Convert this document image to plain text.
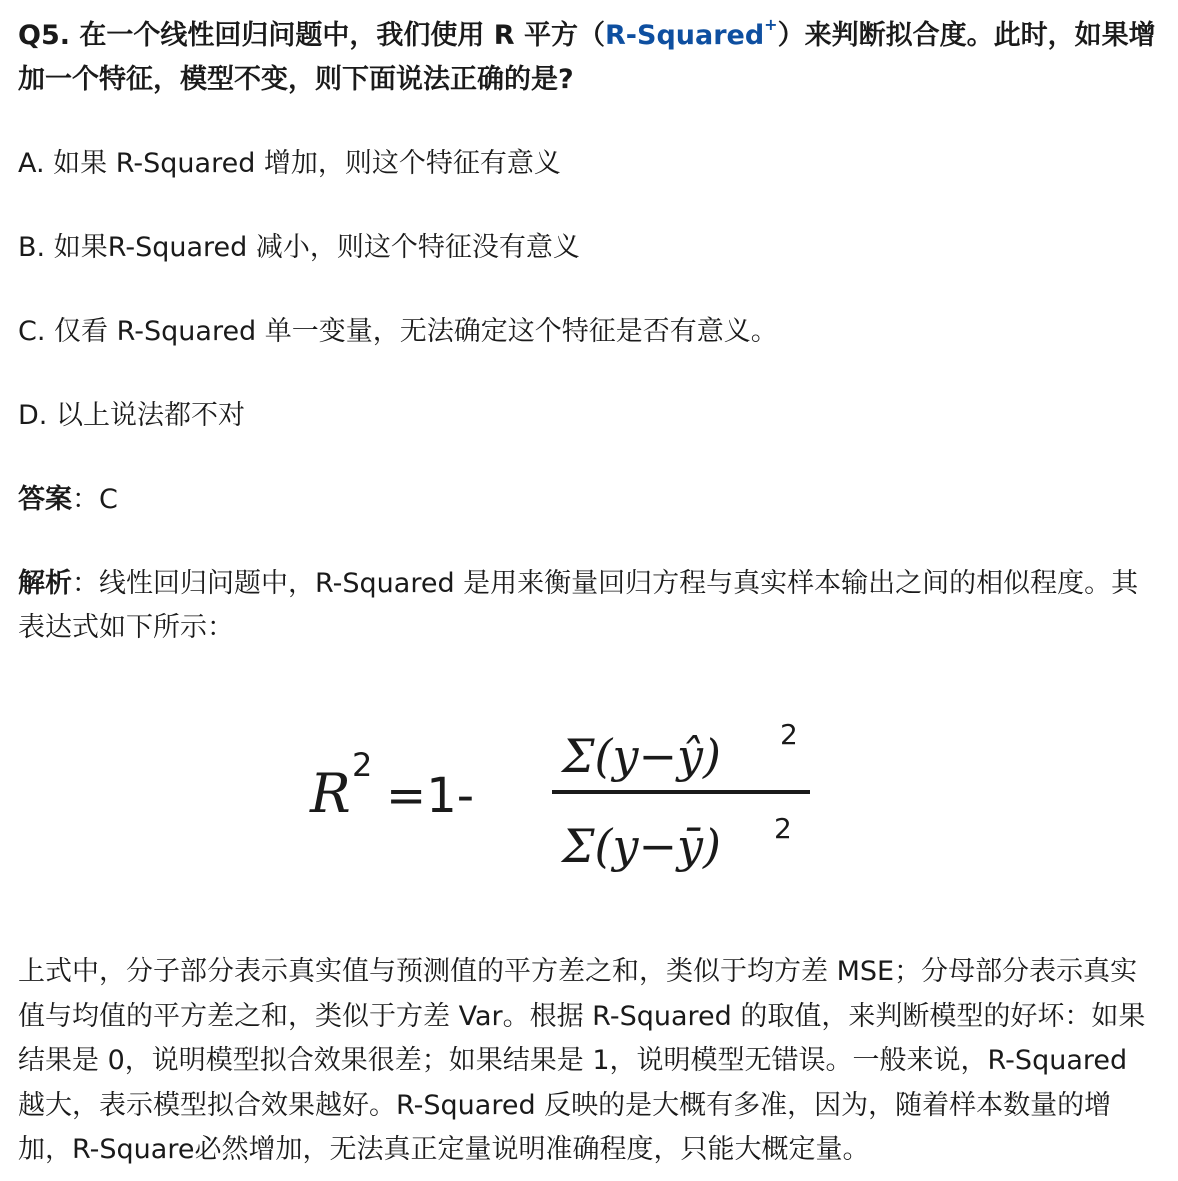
Q5. 在一个线性回归问题中，我们使用 R 平方（R-Squared+）来判断拟合度。此时，如果增加一个特征，模型不变，则下面说法正确的是?

A. 如果 R-Squared 增加，则这个特征有意义

B. 如果R-Squared 减小，则这个特征没有意义

C. 仅看 R-Squared 单一变量，无法确定这个特征是否有意义。

D. 以上说法都不对

答案：C

解析：线性回归问题中，R-Squared 是用来衡量回归方程与真实样本输出之间的相似程度。其表达式如下所示：

R 2
=1-
Σ(y−ŷ) 2
Σ(y−ȳ) 2

上式中，分子部分表示真实值与预测值的平方差之和，类似于均方差 MSE；分母部分表示真实值与均值的平方差之和，类似于方差 Var。根据 R-Squared 的取值，来判断模型的好坏：如果结果是 0，说明模型拟合效果很差；如果结果是 1，说明模型无错误。一般来说，R-Squared 越大，表示模型拟合效果越好。R-Squared 反映的是大概有多准，因为，随着样本数量的增加，R-Square必然增加，无法真正定量说明准确程度，只能大概定量。
